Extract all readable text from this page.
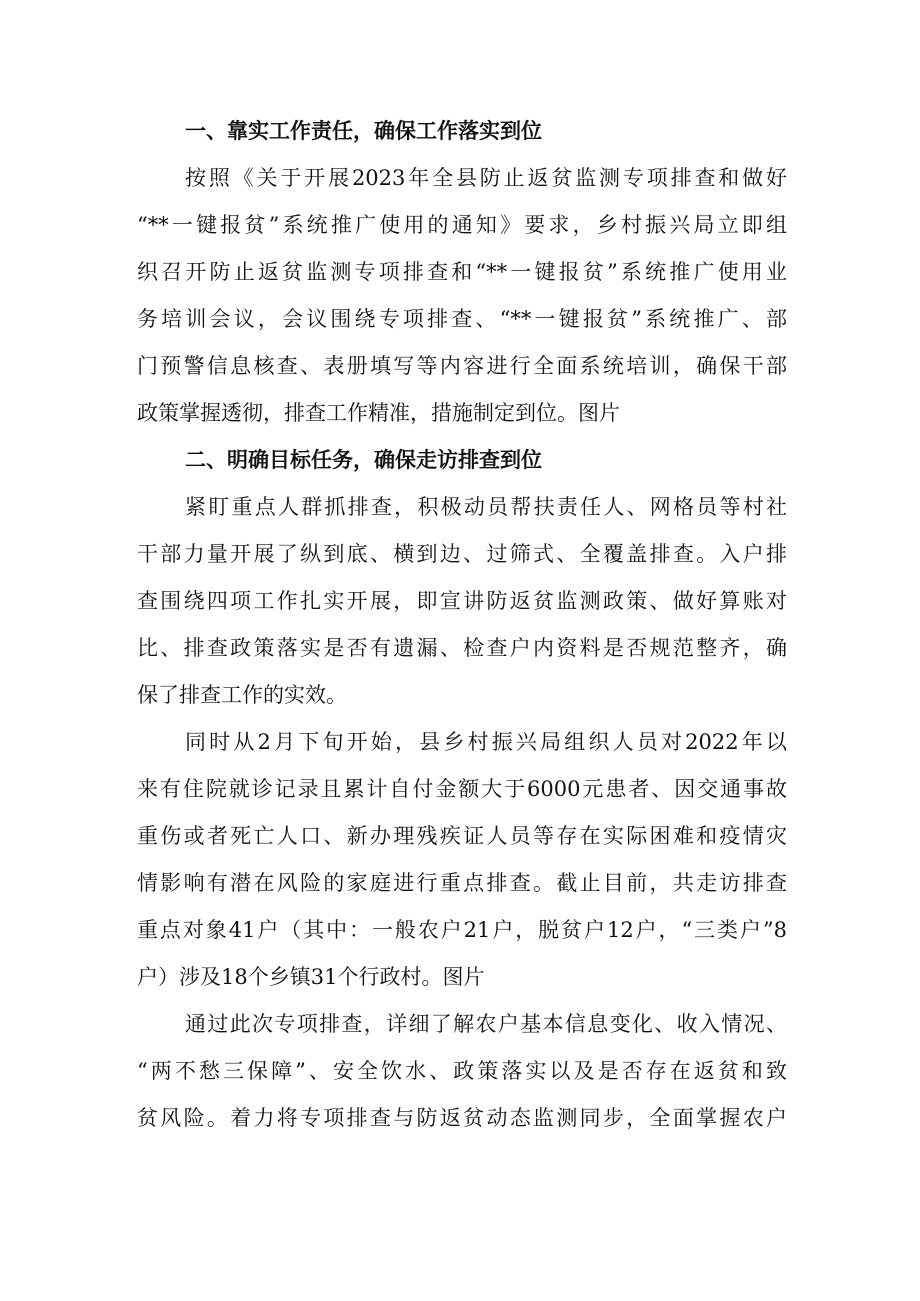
一、靠实工作责任，确保工作落实到位
按照《关于开展2023年全县防止返贫监测专项排查和做好
“**一键报贫”系统推广使用的通知》要求，乡村振兴局立即组
织召开防止返贫监测专项排查和“**一键报贫”系统推广使用业
务培训会议，会议围绕专项排查、“**一键报贫”系统推广、部
门预警信息核查、表册填写等内容进行全面系统培训，确保干部
政策掌握透彻，排查工作精准，措施制定到位。图片
二、明确目标任务，确保走访排查到位
紧盯重点人群抓排查，积极动员帮扶责任人、网格员等村社
干部力量开展了纵到底、横到边、过筛式、全覆盖排查。入户排
查围绕四项工作扎实开展，即宣讲防返贫监测政策、做好算账对
比、排查政策落实是否有遗漏、检查户内资料是否规范整齐，确
保了排查工作的实效。
同时从2月下旬开始，县乡村振兴局组织人员对2022年以
来有住院就诊记录且累计自付金额大于6000元患者、因交通事故
重伤或者死亡人口、新办理残疾证人员等存在实际困难和疫情灾
情影响有潜在风险的家庭进行重点排查。截止目前，共走访排查
重点对象41户（其中：一般农户21户，脱贫户12户，“三类户”8
户）涉及18个乡镇31个行政村。图片
通过此次专项排查，详细了解农户基本信息变化、收入情况、
“两不愁三保障”、安全饮水、政策落实以及是否存在返贫和致
贫风险。着力将专项排查与防返贫动态监测同步，全面掌握农户
